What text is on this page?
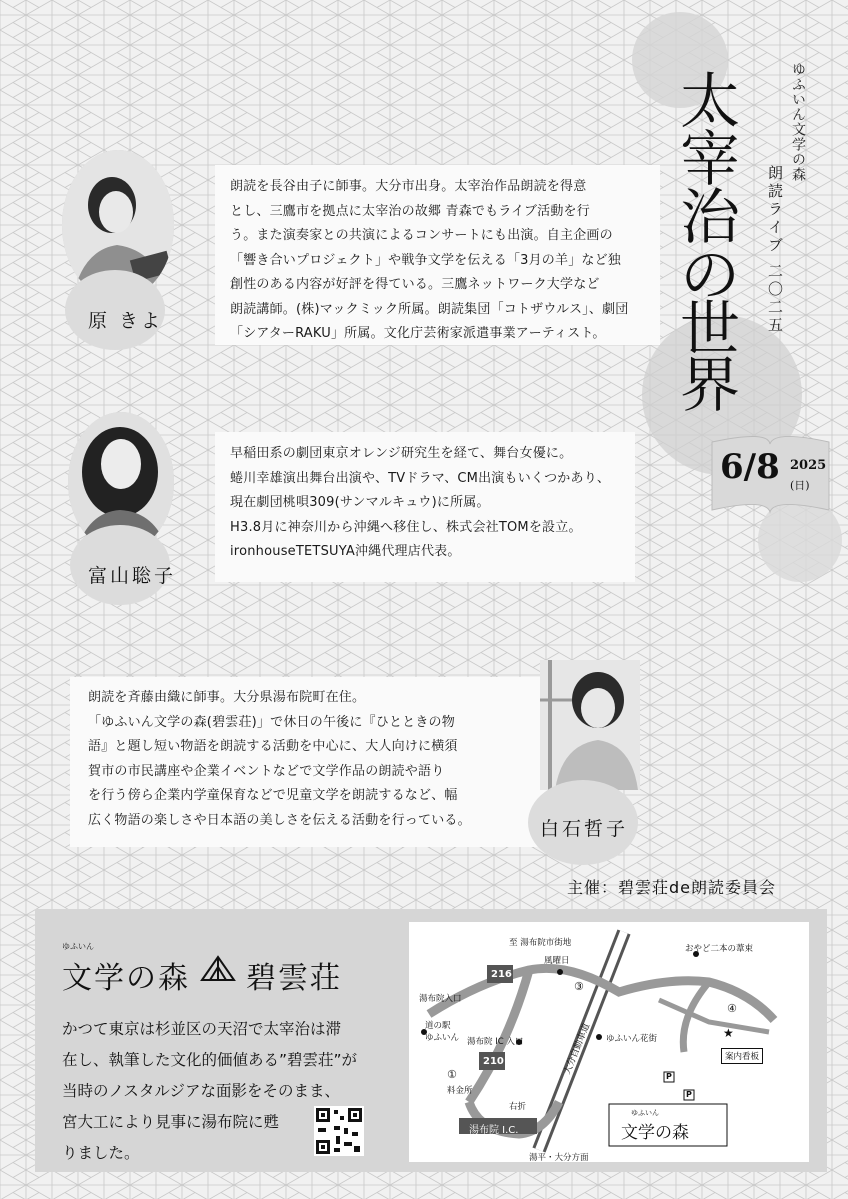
ゆふいん文学の森
朗読ライブ 二〇二五
太
宰
治
の
世
界
6/8 2025
(日)
原 きよ
朗読を長谷由子に師事。大分市出身。太宰治作品朗読を得意
とし、三鷹市を拠点に太宰治の故郷 青森でもライブ活動を行
う。また演奏家との共演によるコンサートにも出演。自主企画の
「響き合いプロジェクト」や戦争文学を伝える「3月の羊」など独
創性のある内容が好評を得ている。三鷹ネットワーク大学など
朗読講師。(株)マックミック所属。朗読集団「コトザウルス」、劇団
「シアターRAKU」所属。文化庁芸術家派遣事業アーティスト。
富山聡子
早稲田系の劇団東京オレンジ研究生を経て、舞台女優に。
蜷川幸雄演出舞台出演や、TVドラマ、CM出演もいくつかあり、
現在劇団桃唄309(サンマルキュウ)に所属。
H3.8月に神奈川から沖縄へ移住し、株式会社TOMを設立。
ironhouseTETSUYA沖縄代理店代表。
白石哲子
朗読を斉藤由織に師事。大分県湯布院町在住。
「ゆふいん文学の森(碧雲荘)」で休日の午後に『ひとときの物
語』と題し短い物語を朗読する活動を中心に、大人向けに横須
賀市の市民講座や企業イベントなどで文学作品の朗読や語り
を行う傍ら企業内学童保育などで児童文学を朗読するなど、幅
広く物語の楽しさや日本語の美しさを伝える活動を行っている。
主催：碧雲荘de朗読委員会
ゆふいん
文学の森 碧雲荘
かつて東京は杉並区の天沼で太宰治は滞
在し、執筆した文化的価値ある”碧雲荘”が
当時のノスタルジアな面影をそのまま、
宮大工により見事に湯布院に甦
りました。
至 湯布院市街地
風曜日
おやど二本の葦束
湯布院入口
道の駅
ゆふいん 湯布院 IC 入口
料金所
右折
湯布院 I.C.
湯平・大分方面
ゆふいん花街
案内看板
大分自動車道
216
210
①
③
④
★
P
P
ゆふいん
文学の森
